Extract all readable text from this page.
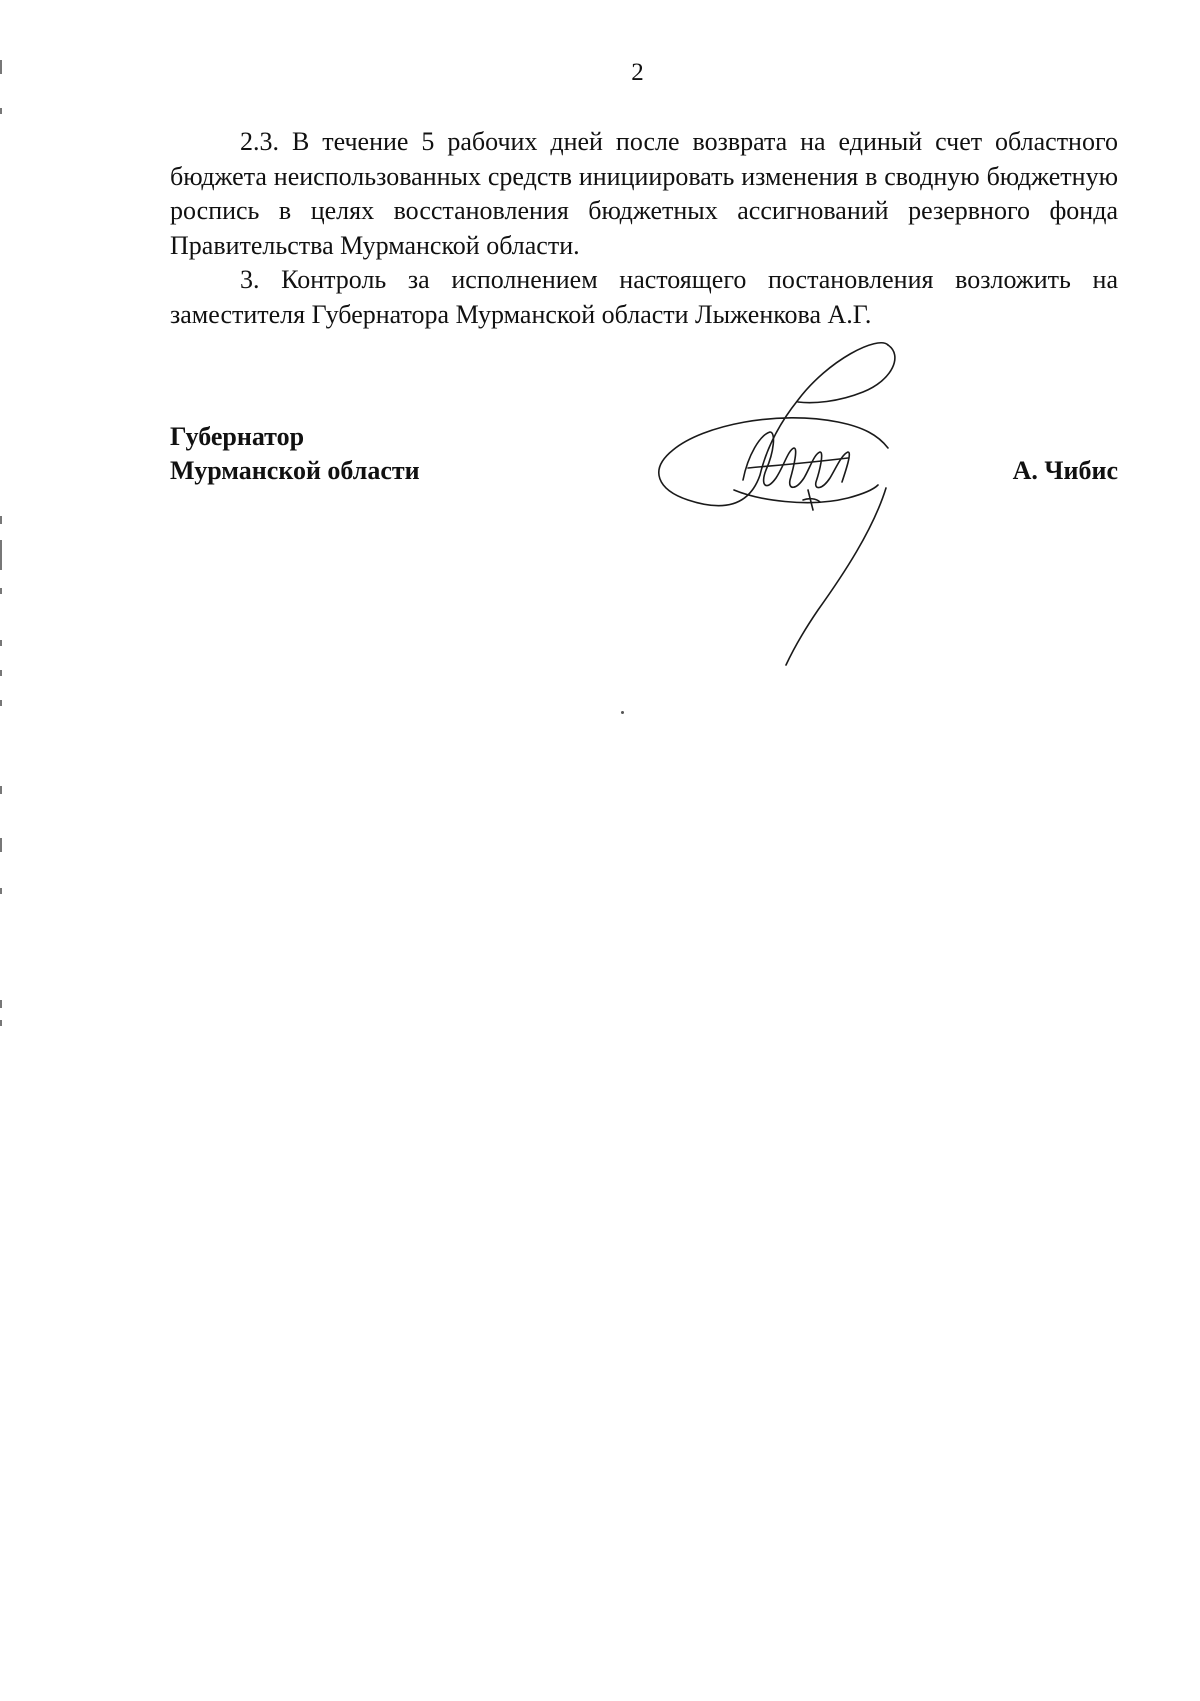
2

2.3. В течение 5 рабочих дней после возврата на единый счет областного бюджета неиспользованных средств инициировать изменения в сводную бюджетную роспись в целях восстановления бюджетных ассигнований резервного фонда Правительства Мурманской области.

3. Контроль за исполнением настоящего постановления возложить на заместителя Губернатора Мурманской области Лыженкова А.Г.

Губернатор
Мурманской области	А. Чибис
